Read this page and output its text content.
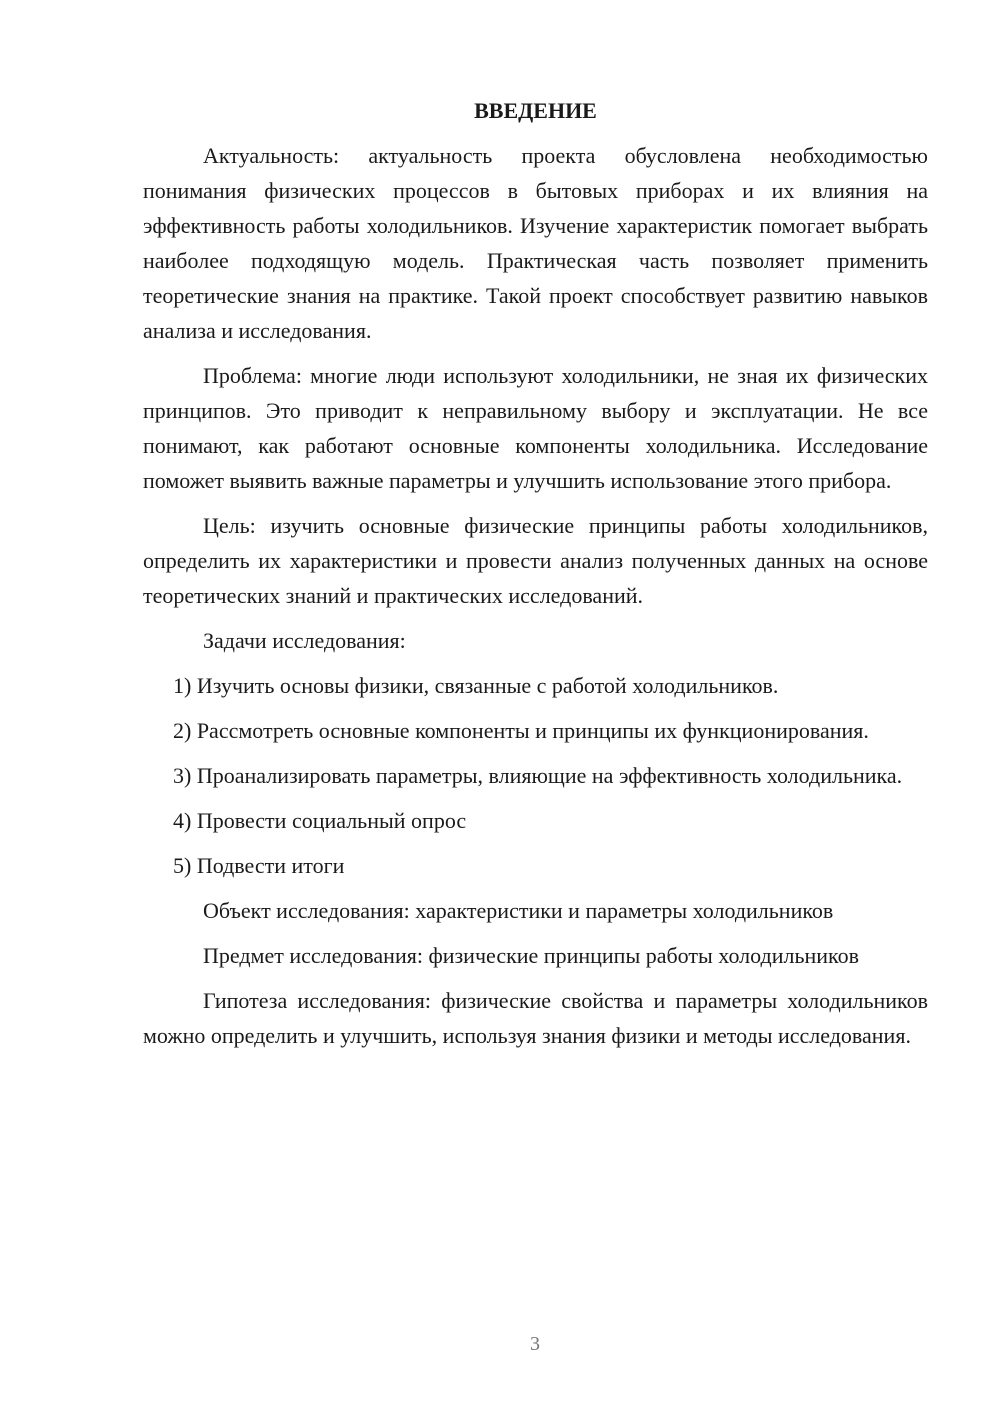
ВВЕДЕНИЕ

Актуальность: актуальность проекта обусловлена необходимостью понимания физических процессов в бытовых приборах и их влияния на эффективность работы холодильников. Изучение характеристик помогает выбрать наиболее подходящую модель. Практическая часть позволяет применить теоретические знания на практике. Такой проект способствует развитию навыков анализа и исследования.

Проблема: многие люди используют холодильники, не зная их физических принципов. Это приводит к неправильному выбору и эксплуатации. Не все понимают, как работают основные компоненты холодильника. Исследование поможет выявить важные параметры и улучшить использование этого прибора.

Цель: изучить основные физические принципы работы холодильников, определить их характеристики и провести анализ полученных данных на основе теоретических знаний и практических исследований.

Задачи исследования:

1) Изучить основы физики, связанные с работой холодильников.

2) Рассмотреть основные компоненты и принципы их функционирования.

3) Проанализировать параметры, влияющие на эффективность холодильника.

4) Провести социальный опрос

5) Подвести итоги

Объект исследования: характеристики и параметры холодильников

Предмет исследования: физические принципы работы холодильников

Гипотеза исследования: физические свойства и параметры холодильников можно определить и улучшить, используя знания физики и методы исследования.

3
